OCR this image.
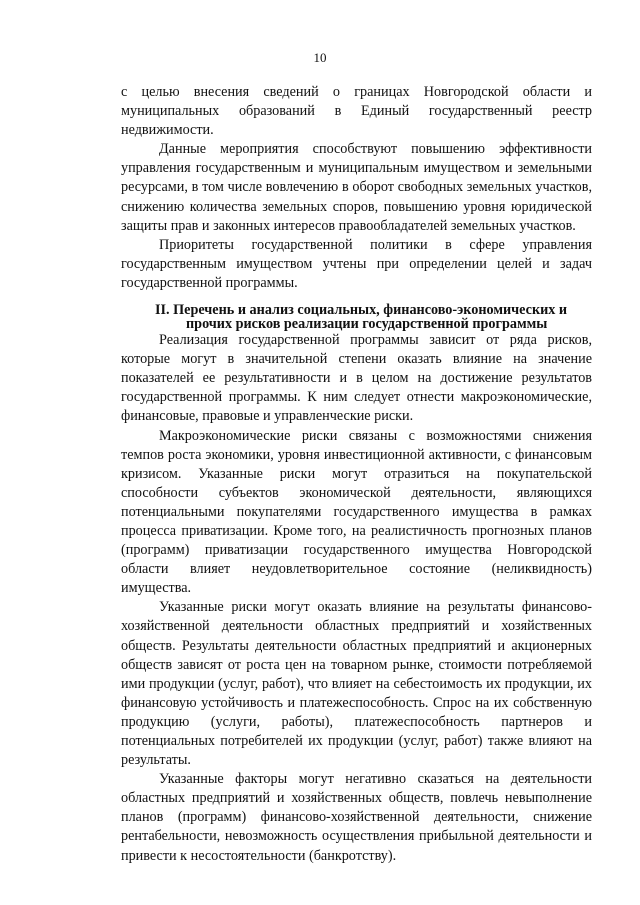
10

с целью внесения сведений о границах Новгородской области и муниципальных образований в Единый государственный реестр недвижимости.

Данные мероприятия способствуют повышению эффективности управления государственным и муниципальным имуществом и земельными ресурсами, в том числе вовлечению в оборот свободных земельных участков, снижению количества земельных споров, повышению уровня юридической защиты прав и законных интересов правообладателей земельных участков.

Приоритеты государственной политики в сфере управления государственным имуществом учтены при определении целей и задач государственной программы.

II. Перечень и анализ социальных, финансово-экономических и
прочих рисков реализации государственной программы

Реализация государственной программы зависит от ряда рисков, которые могут в значительной степени оказать влияние на значение показателей ее результативности и в целом на достижение результатов государственной программы. К ним следует отнести макроэкономические, финансовые, правовые и управленческие риски.

Макроэкономические риски связаны с возможностями снижения темпов роста экономики, уровня инвестиционной активности, с финансовым кризисом. Указанные риски могут отразиться на покупательской способности субъектов экономической деятельности, являющихся потенциальными покупателями государственного имущества в рамках процесса приватизации. Кроме того, на реалистичность прогнозных планов (программ) приватизации государственного имущества Новгородской области влияет неудовлетворительное состояние (неликвидность) имущества.

Указанные риски могут оказать влияние на результаты финансово-хозяйственной деятельности областных предприятий и хозяйственных обществ. Результаты деятельности областных предприятий и акционерных обществ зависят от роста цен на товарном рынке, стоимости потребляемой ими продукции (услуг, работ), что влияет на себестоимость их продукции, их финансовую устойчивость и платежеспособность. Спрос на их собственную продукцию (услуги, работы), платежеспособность партнеров и потенциальных потребителей их продукции (услуг, работ) также влияют на результаты.

Указанные факторы могут негативно сказаться на деятельности областных предприятий и хозяйственных обществ, повлечь невыполнение планов (программ) финансово-хозяйственной деятельности, снижение рентабельности, невозможность осуществления прибыльной деятельности и привести к несостоятельности (банкротству).
